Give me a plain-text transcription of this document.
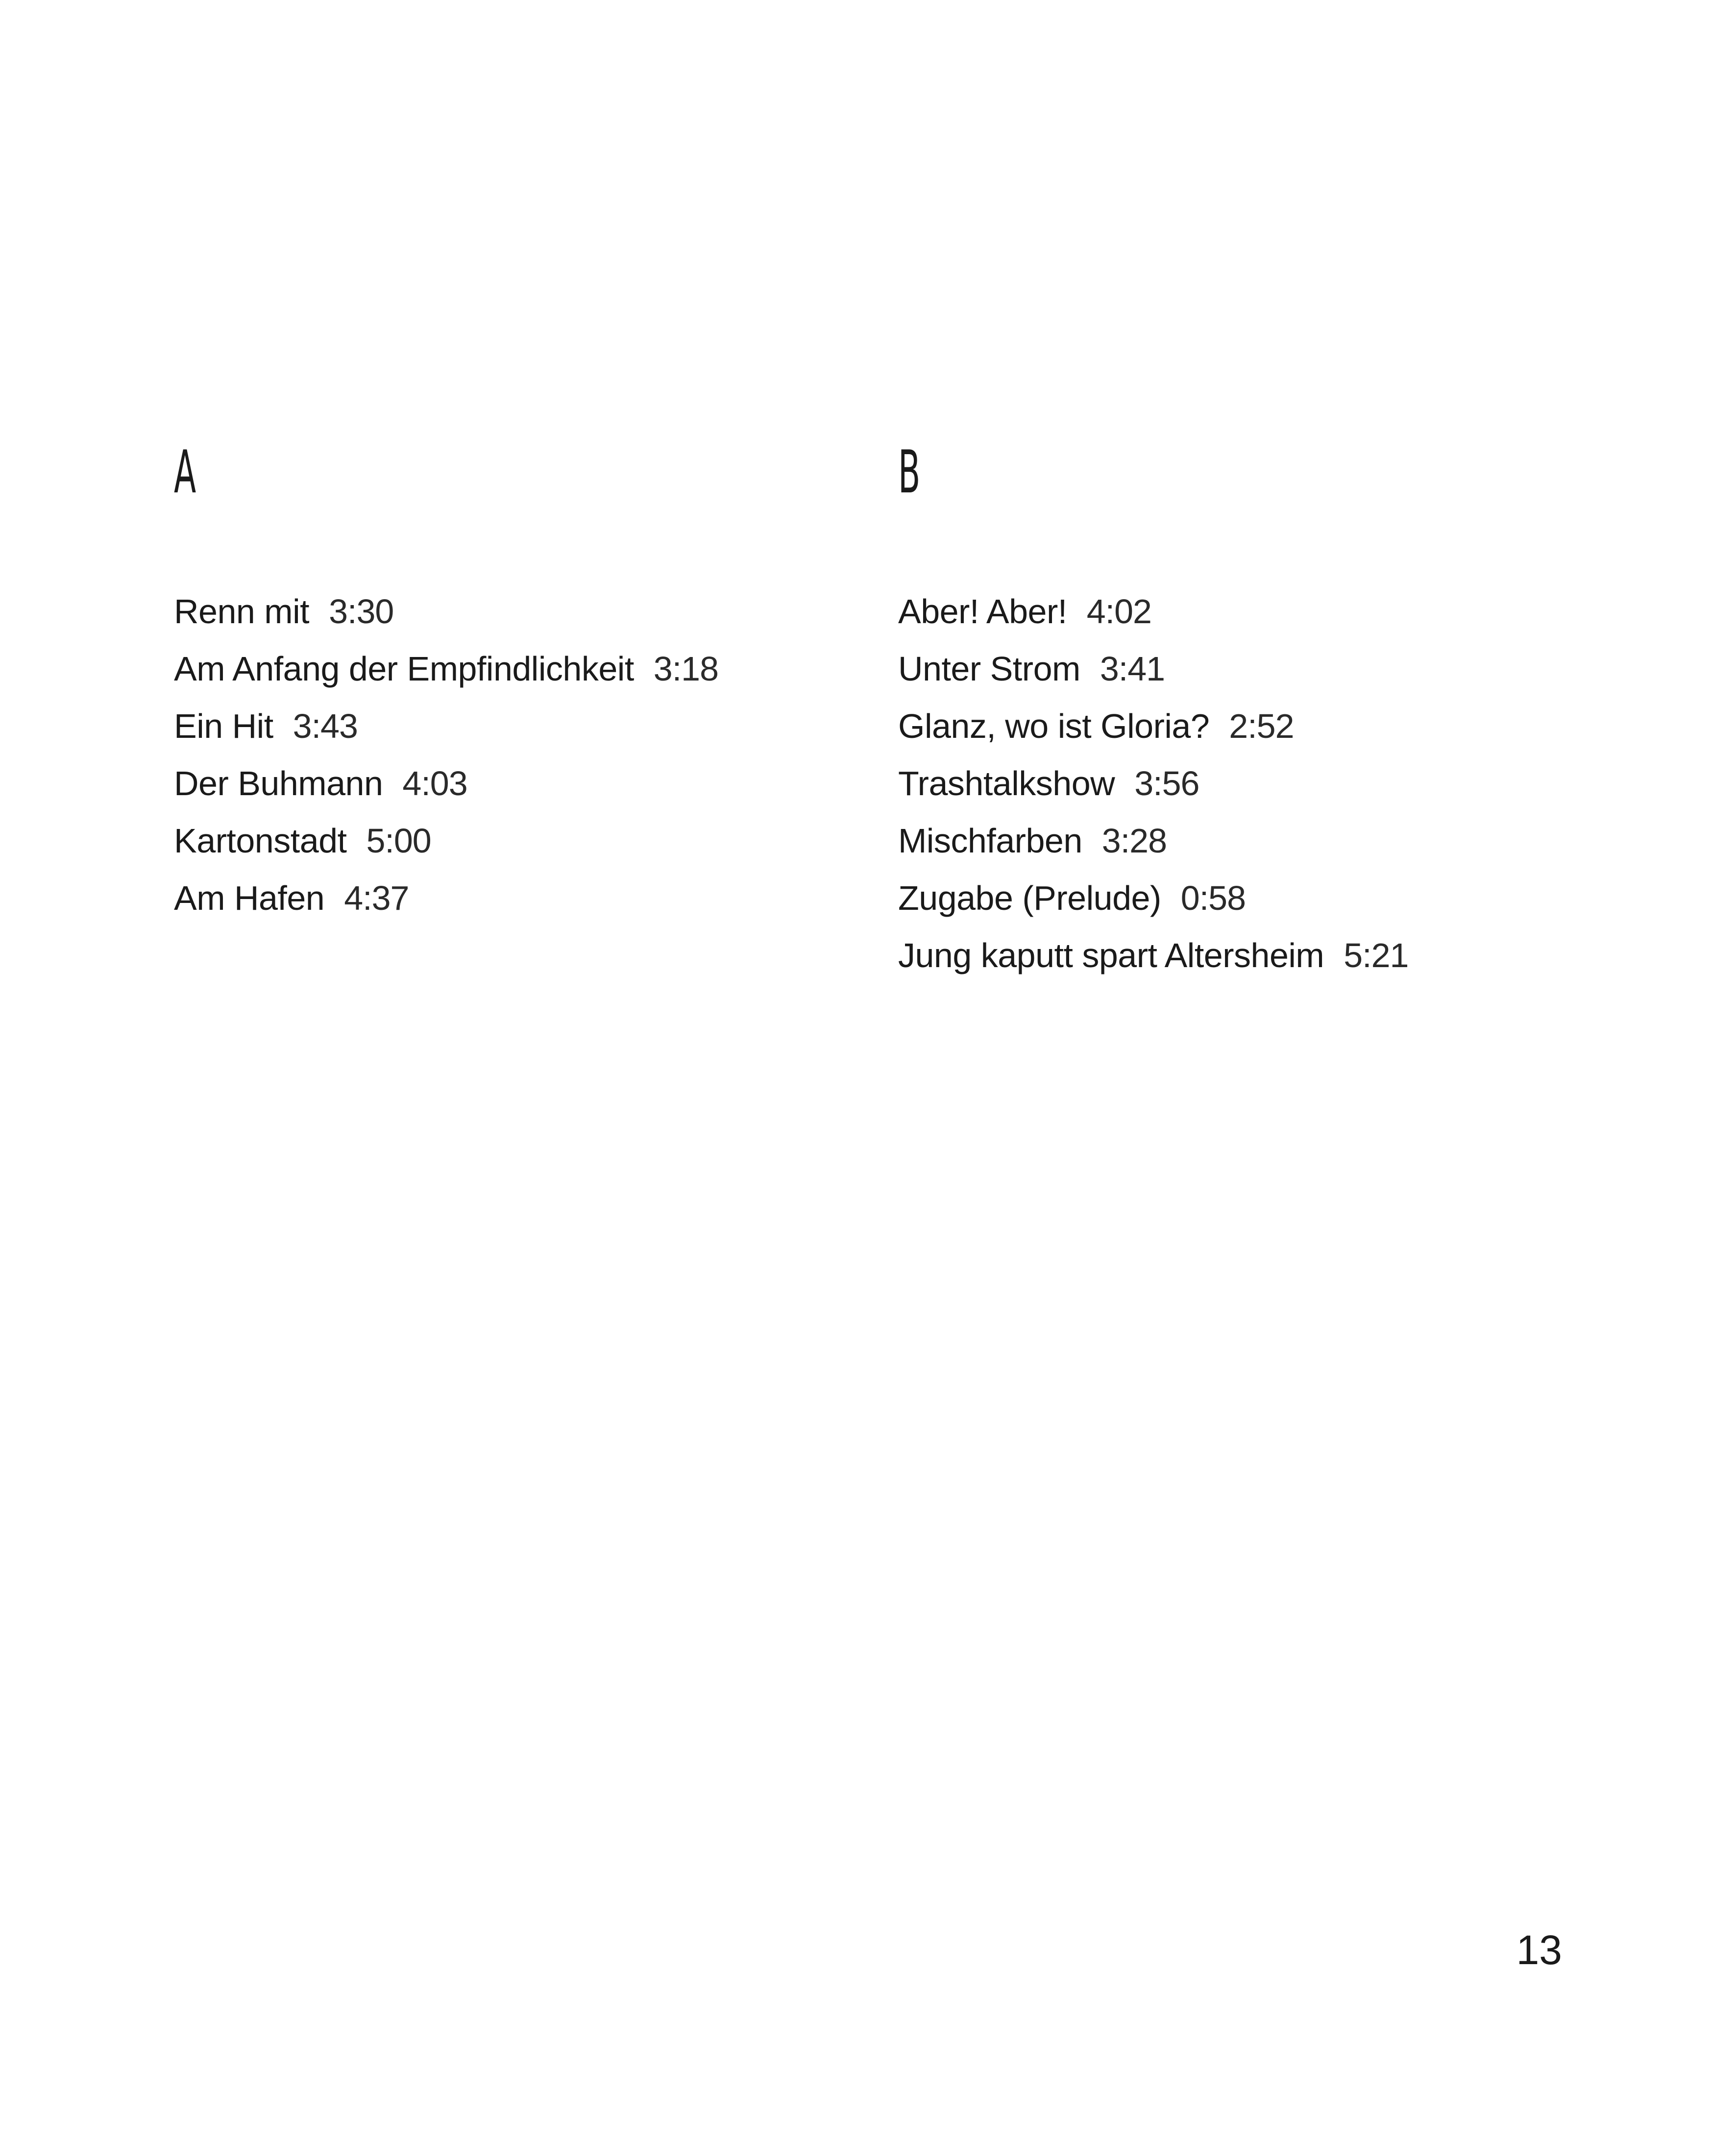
A
Renn mit 3:30
Am Anfang der Empfindlichkeit 3:18
Ein Hit 3:43
Der Buhmann 4:03
Kartonstadt 5:00
Am Hafen 4:37
B
Aber! Aber! 4:02
Unter Strom 3:41
Glanz, wo ist Gloria? 2:52
Trashtalkshow 3:56
Mischfarben 3:28
Zugabe (Prelude) 0:58
Jung kaputt spart Altersheim 5:21
13
